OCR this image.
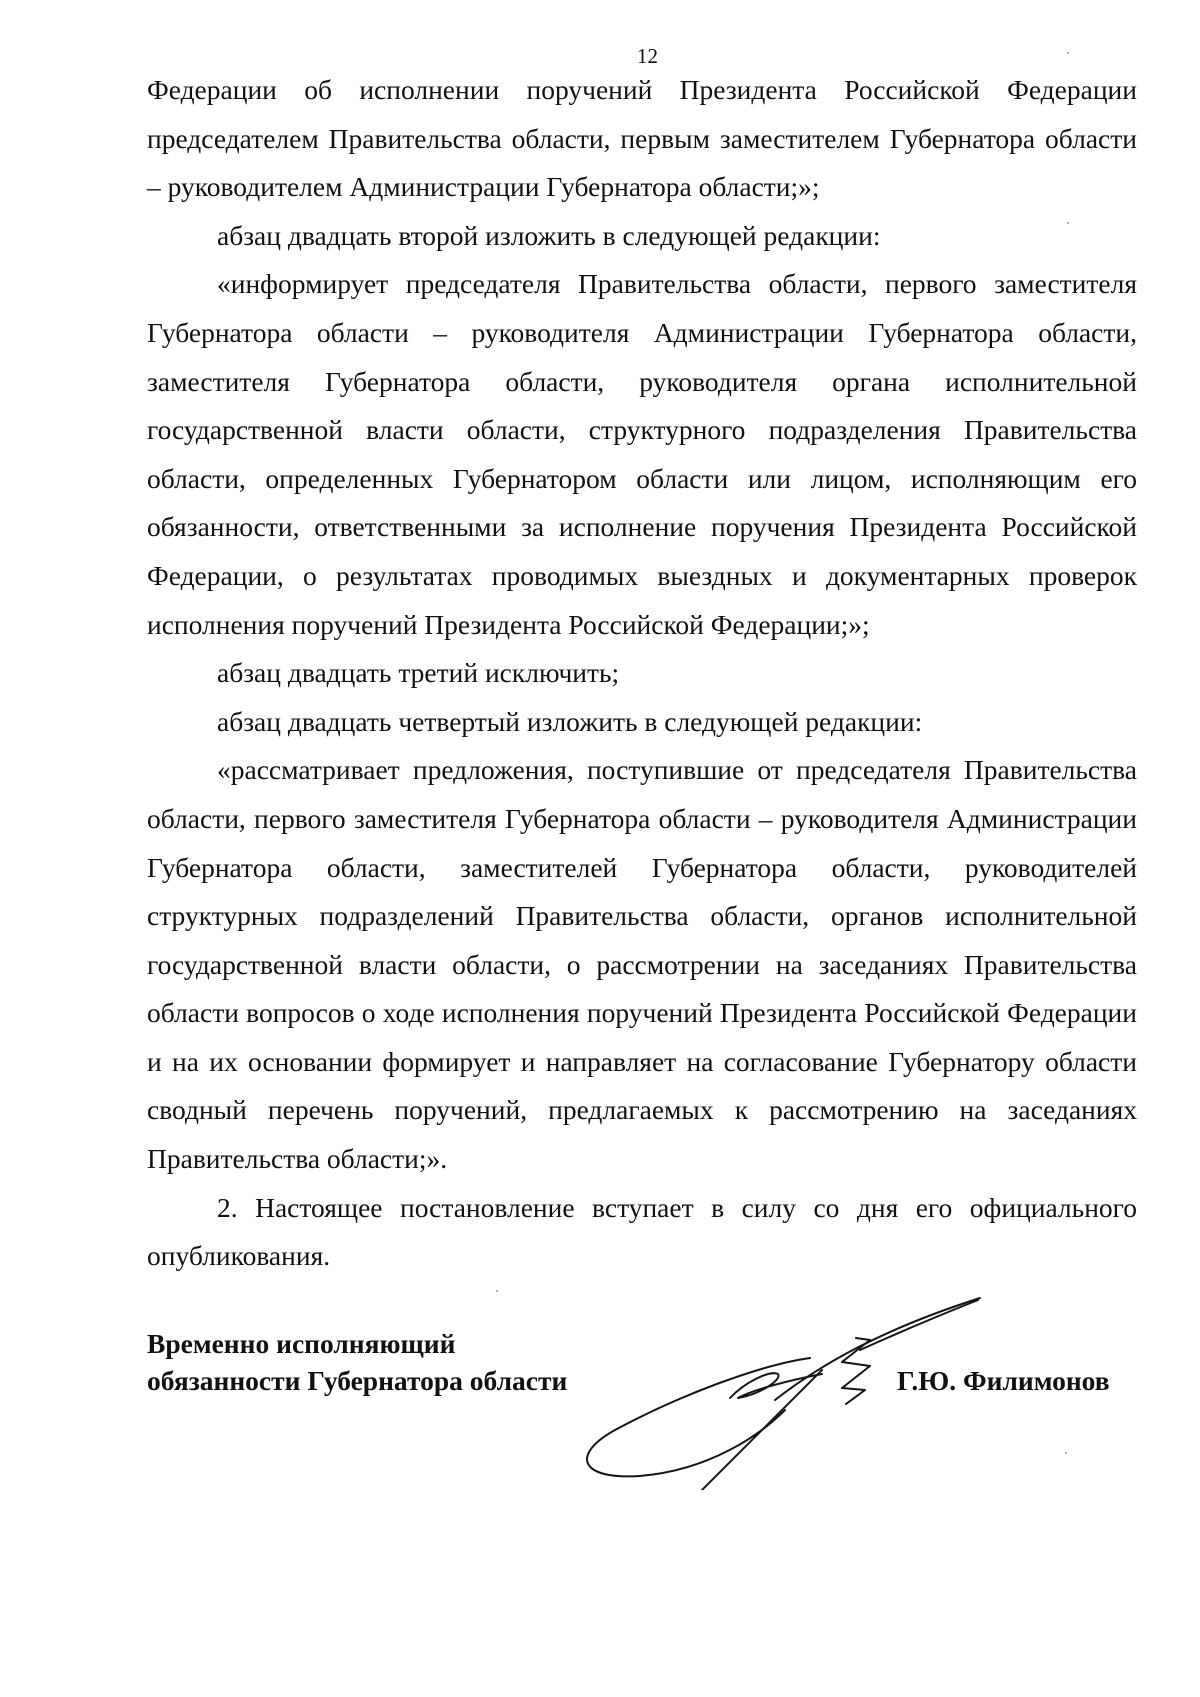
12

Федерации об исполнении поручений Президента Российской Федерации председателем Правительства области, первым заместителем Губернатора области – руководителем Администрации Губернатора области;»;

абзац двадцать второй изложить в следующей редакции:

«информирует председателя Правительства области, первого заместителя Губернатора области – руководителя Администрации Губернатора области, заместителя Губернатора области, руководителя органа исполнительной государственной власти области, структурного подразделения Правительства области, определенных Губернатором области или лицом, исполняющим его обязанности, ответственными за исполнение поручения Президента Российской Федерации, о результатах проводимых выездных и документарных проверок исполнения поручений Президента Российской Федерации;»;

абзац двадцать третий исключить;

абзац двадцать четвертый изложить в следующей редакции:

«рассматривает предложения, поступившие от председателя Правительства области, первого заместителя Губернатора области – руководителя Администрации Губернатора области, заместителей Губернатора области, руководителей структурных подразделений Правительства области, органов исполнительной государственной власти области, о рассмотрении на заседаниях Правительства области вопросов о ходе исполнения поручений Президента Российской Федерации и на их основании формирует и направляет на согласование Губернатору области сводный перечень поручений, предлагаемых к рассмотрению на заседаниях Правительства области;».

2. Настоящее постановление вступает в силу со дня его официального опубликования.

Временно исполняющий
обязанности Губернатора области	Г.Ю. Филимонов
